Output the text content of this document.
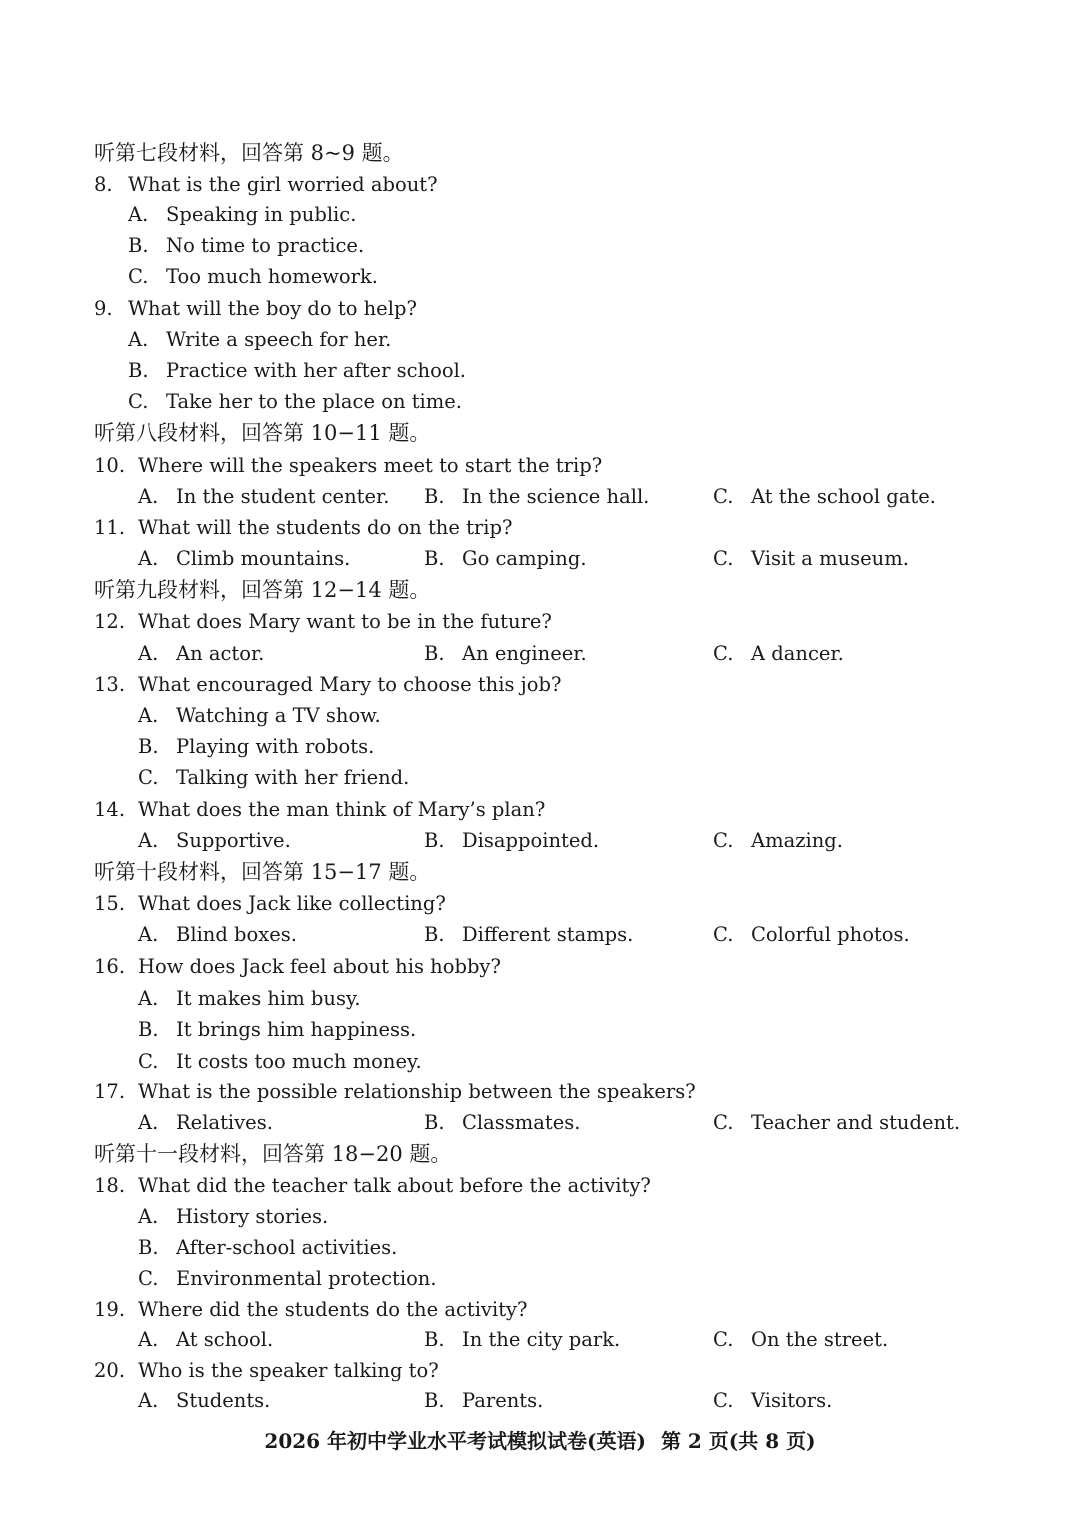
听第七段材料，回答第 8~9 题。
8. What is the girl worried about?
A. Speaking in public.
B. No time to practice.
C. Too much homework.
9. What will the boy do to help?
A. Write a speech for her.
B. Practice with her after school.
C. Take her to the place on time.
听第八段材料，回答第 10−11 题。
10. Where will the speakers meet to start the trip?
A. In the student center. B. In the science hall.	C. At the school gate.
11. What will the students do on the trip?
A. Climb mountains.	B. Go camping.	C. Visit a museum.
听第九段材料，回答第 12−14 题。
12. What does Mary want to be in the future?
A. An actor.	B. An engineer.	C. A dancer.
13. What encouraged Mary to choose this job?
A. Watching a TV show.
B. Playing with robots.
C. Talking with her friend.
14. What does the man think of Mary’s plan?
A. Supportive.	B. Disappointed.	C. Amazing.
听第十段材料，回答第 15−17 题。
15. What does Jack like collecting?
A. Blind boxes.	B. Different stamps.	C. Colorful photos.
16. How does Jack feel about his hobby?
A. It makes him busy.
B. It brings him happiness.
C. It costs too much money.
17. What is the possible relationship between the speakers?
A. Relatives.	B. Classmates.	C. Teacher and student.
听第十一段材料，回答第 18−20 题。
18. What did the teacher talk about before the activity?
A. History stories.
B. After-school activities.
C. Environmental protection.
19. Where did the students do the activity?
A. At school.	B. In the city park.	C. On the street.
20. Who is the speaker talking to?
A. Students.	B. Parents.	C. Visitors.
2026 年初中学业水平考试模拟试卷(英语) 第 2 页(共 8 页)
